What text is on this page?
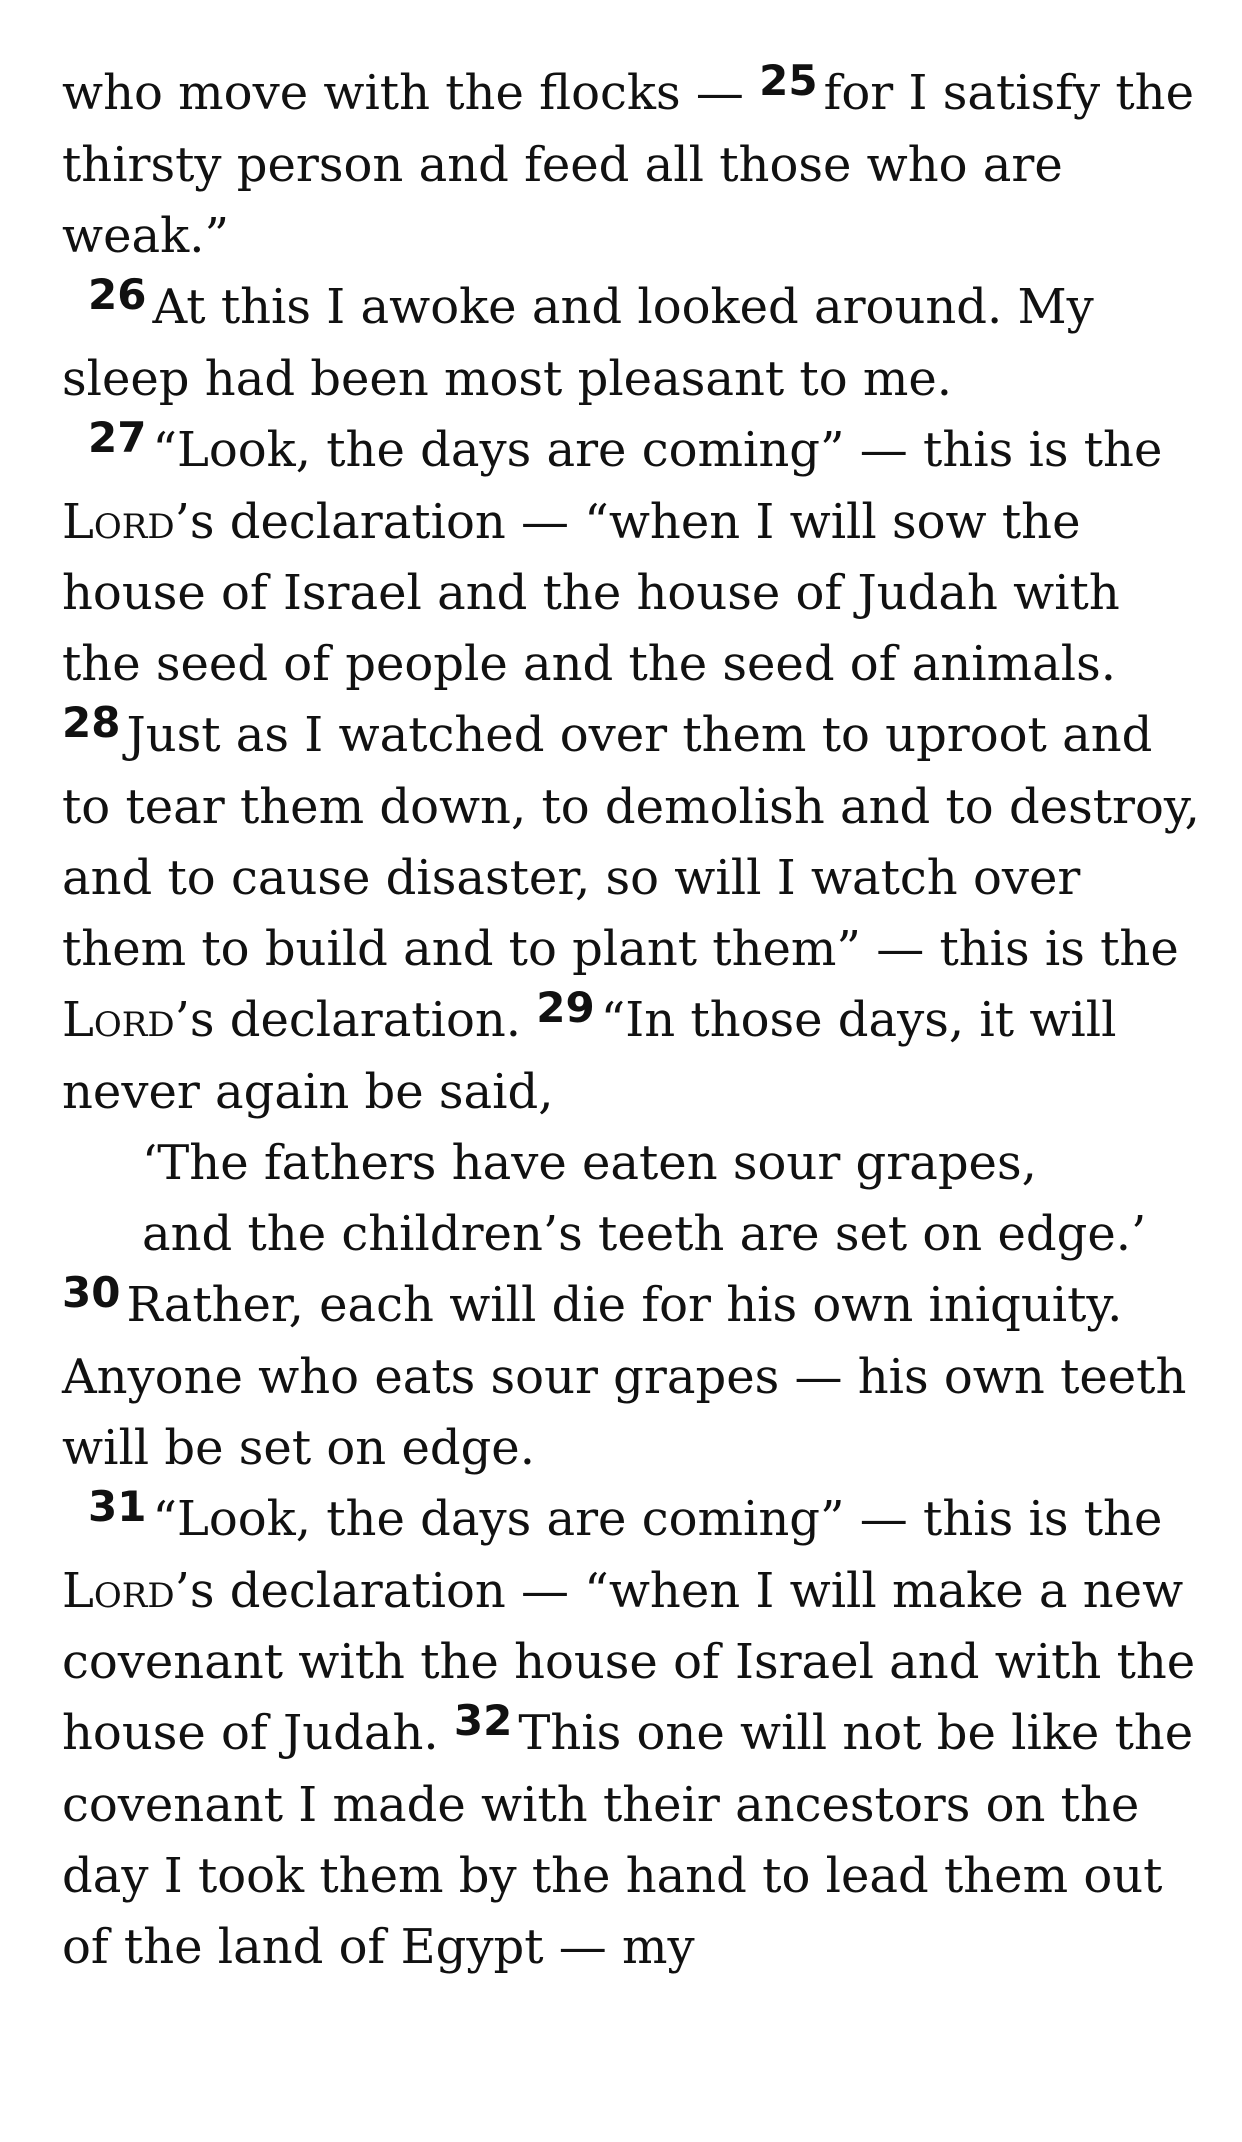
who move with the flocks — 25 for I satisfy the thirsty person and feed all those who are weak.”

26 At this I awoke and looked around. My sleep had been most pleasant to me.

27 “Look, the days are coming” — this is the Lord’s declaration — “when I will sow the house of Israel and the house of Judah with the seed of people and the seed of animals. 28 Just as I watched over them to uproot and to tear them down, to demolish and to destroy, and to cause disaster, so will I watch over them to build and to plant them” — this is the Lord’s declaration. 29 “In those days, it will never again be said,

‘The fathers have eaten sour grapes,
and the children’s teeth are set on edge.’

30 Rather, each will die for his own iniquity. Anyone who eats sour grapes — his own teeth will be set on edge.

31 “Look, the days are coming” — this is the Lord’s declaration — “when I will make a new covenant with the house of Israel and with the house of Judah. 32 This one will not be like the covenant I made with their ancestors on the day I took them by the hand to lead them out of the land of Egypt — my
